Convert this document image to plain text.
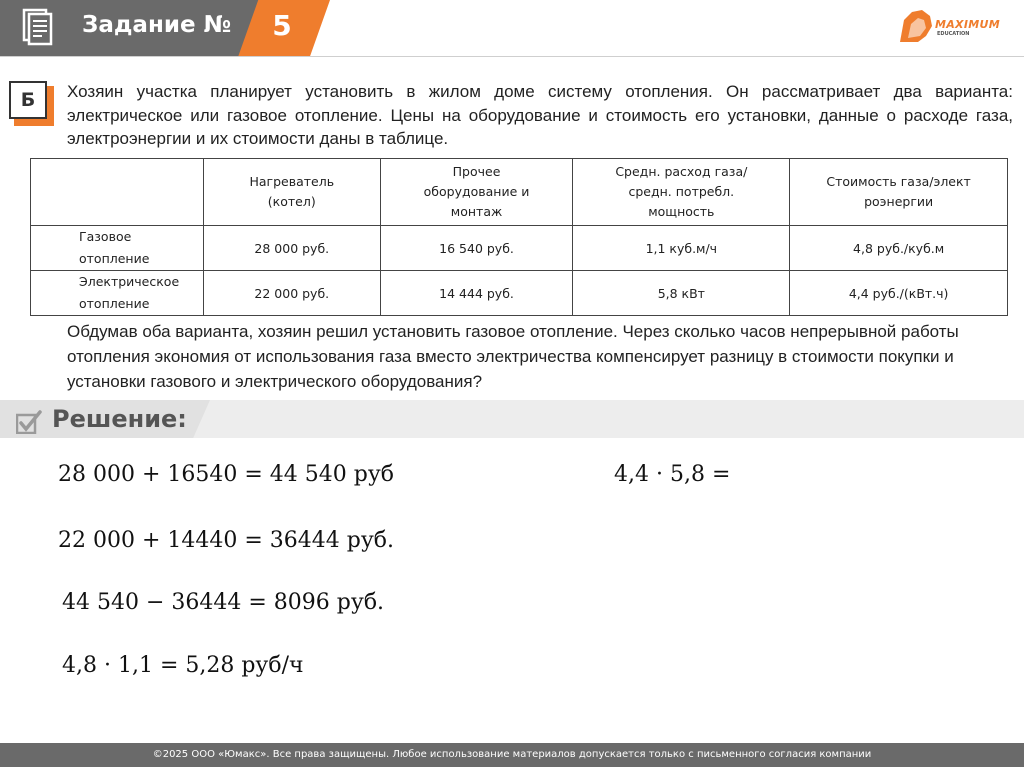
Задание №	5	MAXIMUM
EDUCATION
Б	Хозяин участка планирует установить в жилом доме систему отопления. Он рассматривает два варианта: электрическое или газовое отопление. Цены на оборудование и стоимость его установки, данные о расходе газа, электроэнергии и их стоимости даны в таблице.

	Нагреватель (котел)	Прочее оборудование и монтаж	Средн. расход газа/средн. потребл. мощность	Стоимость газа/электроэнергии

Газовое отопление	28 000 руб.	16 540 руб.	1,1 куб.м/ч	4,8 руб./куб.м
Электрическое отопление	22 000 руб.	14 444 руб.	5,8 кВт	4,4 руб./(кВт.ч)
Обдумав оба варианта, хозяин решил установить газовое отопление. Через сколько часов непрерывной работы отопления экономия от использования газа вместо электричества компенсирует разницу в стоимости покупки и установки газового и электрического оборудования?
Решение:
28 000 + 16540 = 44 540 руб
22 000 + 14440 = 36444 руб.
44 540 − 36444 = 8096 руб.
4,8 · 1,1 = 5,28 руб/ч
4,4 · 5,8 =
©2025 ООО «Юмакс». Все права защищены. Любое использование материалов допускается только с письменного согласия компании
